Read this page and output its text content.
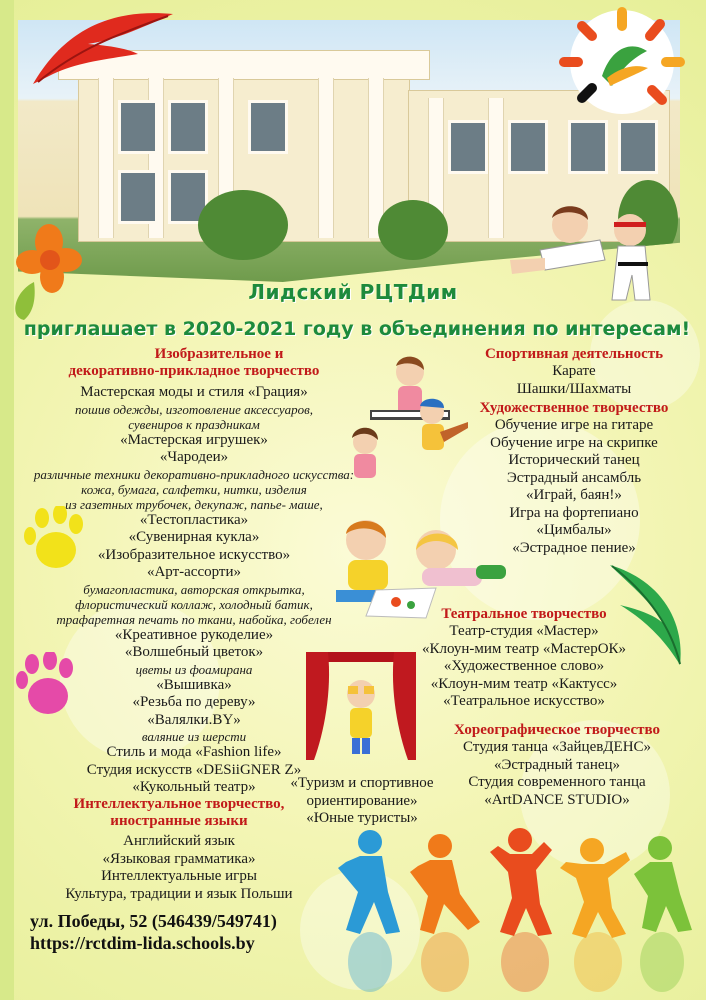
Лидский РЦТДим
приглашает в 2020-2021 году в объединения по интересам!
Изобразительное и
декоративно-прикладное творчество
Мастерская моды и стиля «Грация»
пошив одежды, изготовление аксессуаров,
сувениров к праздникам
«Мастерская игрушек»
«Чародеи»
различные техники декоративно-прикладного искусства:
кожа, бумага, салфетки, нитки, изделия
из газетных трубочек, декупаж, папье- маше,
«Тестопластика»
«Сувенирная кукла»
«Изобразительное искусство»
«Арт-ассорти»
бумагопластика, авторская открытка,
флористический коллаж, холодный батик,
трафаретная печать по ткани, набойка, гобелен
«Креативное рукоделие»
«Волшебный цветок»
цветы из фоамирана
«Вышивка»
«Резьба по дереву»
«Валялки.BY»
валяние из шерсти
Стиль и мода «Fashion life»
Студия искусств «DESiiGNER Z»
«Кукольный театр»
Интеллектуальное творчество,
иностранные языки
Английский язык
«Языковая грамматика»
Интеллектуальные игры
Культура, традиции и язык Польши
Спортивная деятельность
Карате
Шашки/Шахматы
Художественное творчество
Обучение игре на гитаре
Обучение игре на скрипке
Исторический танец
Эстрадный ансамбль
«Играй, баян!»
Игра на фортепиано
«Цимбалы»
«Эстрадное пение»
Театральное творчество
Театр-студия «Мастер»
«Клоун-мим театр «МастерОК»
«Художественное слово»
«Клоун-мим театр «Кактусс»
«Театральное искусство»
Хореографическое творчество
Студия танца «ЗайцевДЕНС»
«Эстрадный танец»
Студия современного танца
«ArtDANCE STUDIO»
«Туризм и спортивное
ориентирование»
«Юные туристы»
ул. Победы, 52 (546439/549741)
https://rctdim-lida.schools.by
